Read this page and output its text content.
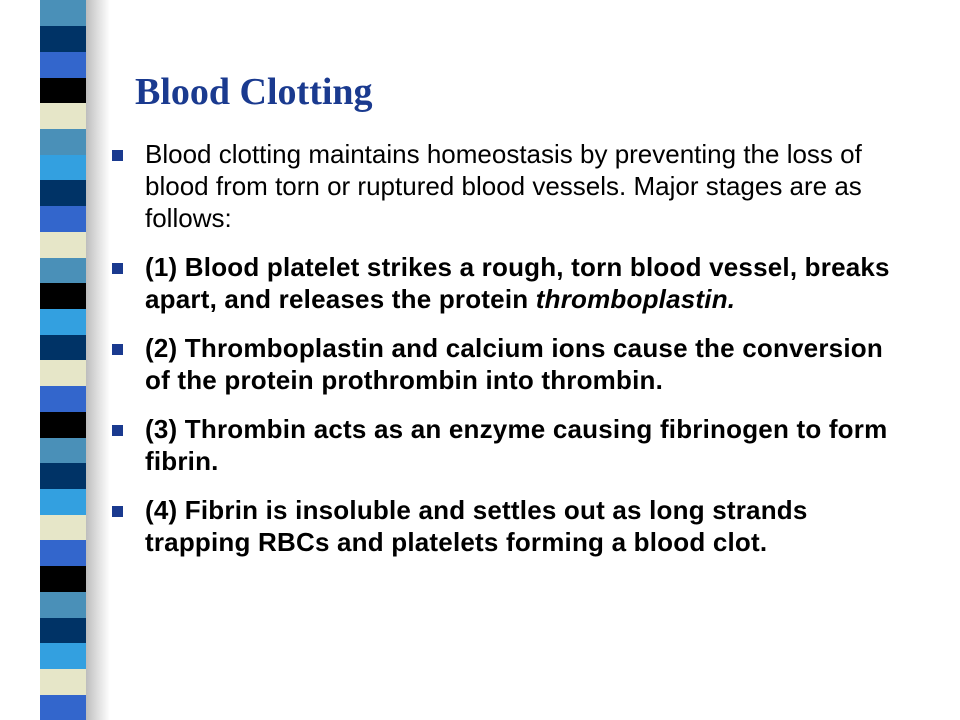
Blood Clotting
Blood clotting maintains homeostasis by preventing the loss of blood from torn or ruptured blood vessels. Major stages are as follows:
(1) Blood platelet strikes a rough, torn blood vessel, breaks apart, and releases the protein thromboplastin.
(2) Thromboplastin and calcium ions cause the conversion of the protein prothrombin into thrombin.
(3) Thrombin acts as an enzyme causing fibrinogen to form fibrin.
(4) Fibrin is insoluble and settles out as long strands trapping RBCs and platelets forming a blood clot.
